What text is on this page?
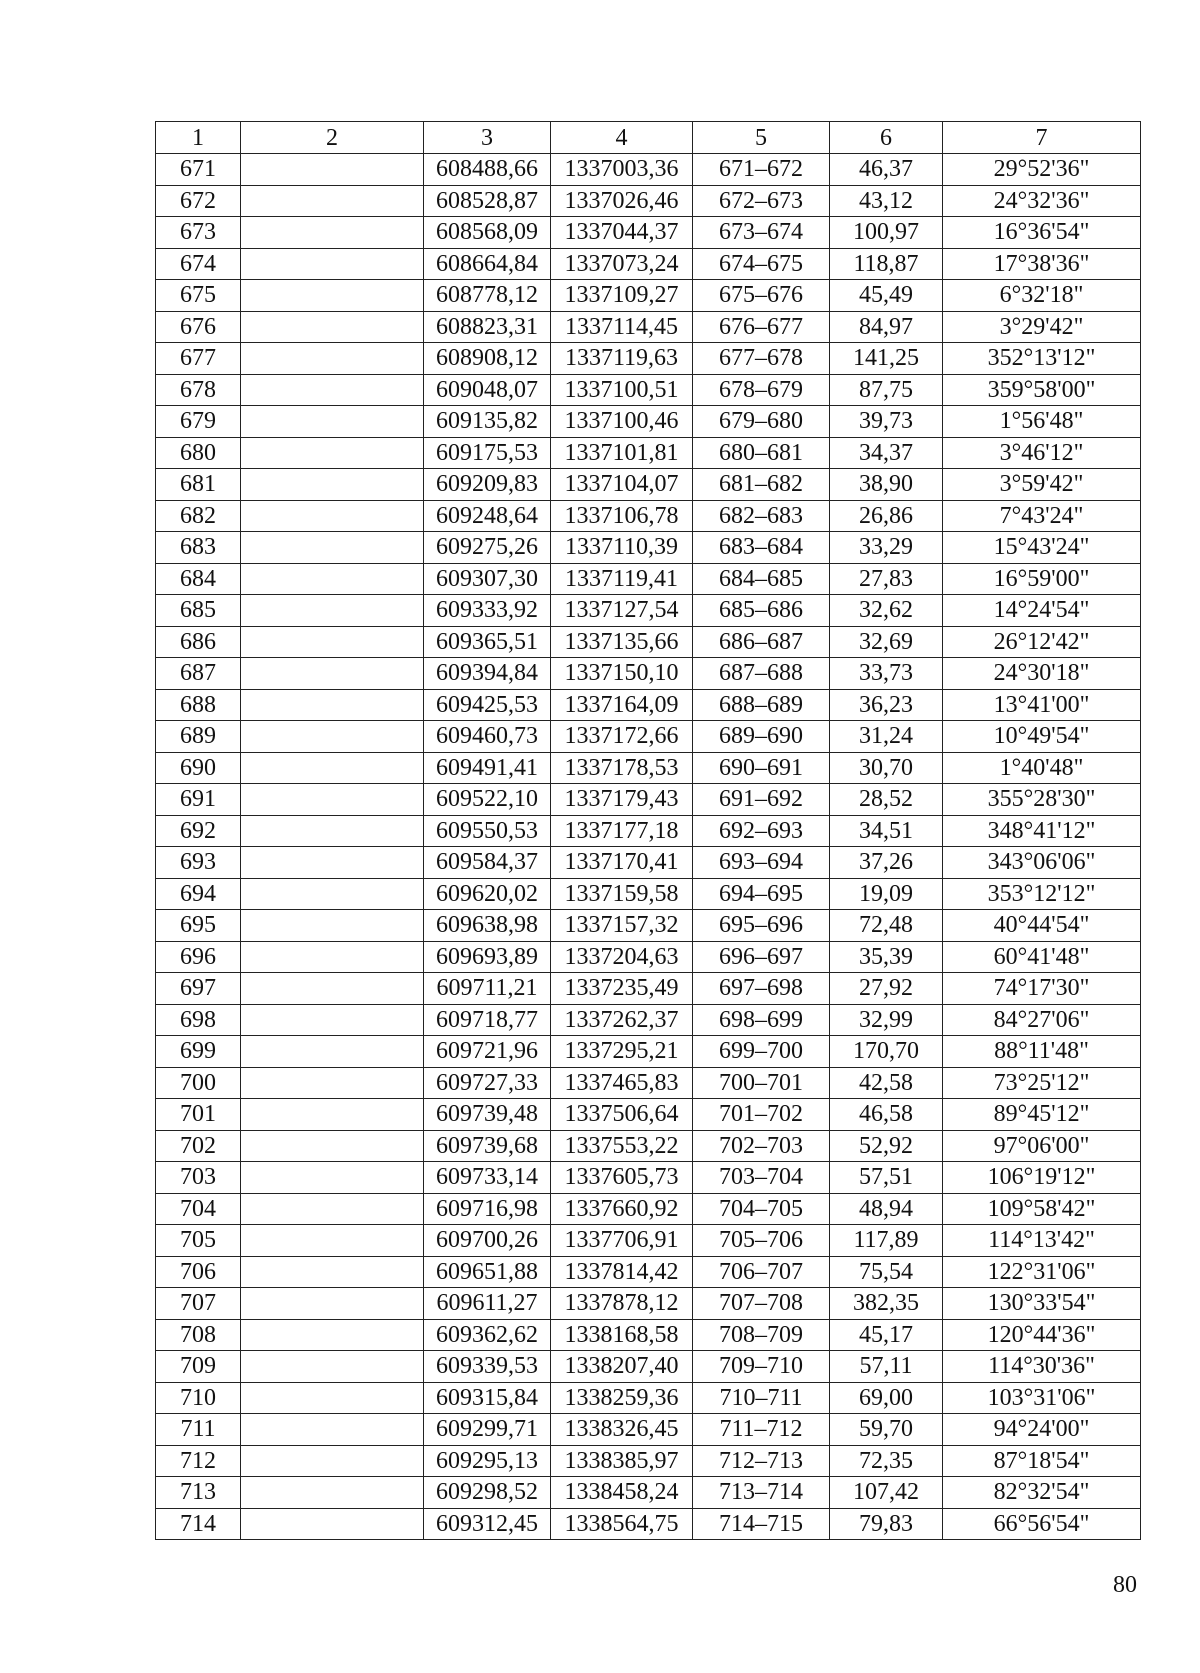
1	2	3	4	5	6	7
671		608488,66	1337003,36	671–672	46,37	29°52'36"
672		608528,87	1337026,46	672–673	43,12	24°32'36"
673		608568,09	1337044,37	673–674	100,97	16°36'54"
674		608664,84	1337073,24	674–675	118,87	17°38'36"
675		608778,12	1337109,27	675–676	45,49	6°32'18"
676		608823,31	1337114,45	676–677	84,97	3°29'42"
677		608908,12	1337119,63	677–678	141,25	352°13'12"
678		609048,07	1337100,51	678–679	87,75	359°58'00"
679		609135,82	1337100,46	679–680	39,73	1°56'48"
680		609175,53	1337101,81	680–681	34,37	3°46'12"
681		609209,83	1337104,07	681–682	38,90	3°59'42"
682		609248,64	1337106,78	682–683	26,86	7°43'24"
683		609275,26	1337110,39	683–684	33,29	15°43'24"
684		609307,30	1337119,41	684–685	27,83	16°59'00"
685		609333,92	1337127,54	685–686	32,62	14°24'54"
686		609365,51	1337135,66	686–687	32,69	26°12'42"
687		609394,84	1337150,10	687–688	33,73	24°30'18"
688		609425,53	1337164,09	688–689	36,23	13°41'00"
689		609460,73	1337172,66	689–690	31,24	10°49'54"
690		609491,41	1337178,53	690–691	30,70	1°40'48"
691		609522,10	1337179,43	691–692	28,52	355°28'30"
692		609550,53	1337177,18	692–693	34,51	348°41'12"
693		609584,37	1337170,41	693–694	37,26	343°06'06"
694		609620,02	1337159,58	694–695	19,09	353°12'12"
695		609638,98	1337157,32	695–696	72,48	40°44'54"
696		609693,89	1337204,63	696–697	35,39	60°41'48"
697		609711,21	1337235,49	697–698	27,92	74°17'30"
698		609718,77	1337262,37	698–699	32,99	84°27'06"
699		609721,96	1337295,21	699–700	170,70	88°11'48"
700		609727,33	1337465,83	700–701	42,58	73°25'12"
701		609739,48	1337506,64	701–702	46,58	89°45'12"
702		609739,68	1337553,22	702–703	52,92	97°06'00"
703		609733,14	1337605,73	703–704	57,51	106°19'12"
704		609716,98	1337660,92	704–705	48,94	109°58'42"
705		609700,26	1337706,91	705–706	117,89	114°13'42"
706		609651,88	1337814,42	706–707	75,54	122°31'06"
707		609611,27	1337878,12	707–708	382,35	130°33'54"
708		609362,62	1338168,58	708–709	45,17	120°44'36"
709		609339,53	1338207,40	709–710	57,11	114°30'36"
710		609315,84	1338259,36	710–711	69,00	103°31'06"
711		609299,71	1338326,45	711–712	59,70	94°24'00"
712		609295,13	1338385,97	712–713	72,35	87°18'54"
713		609298,52	1338458,24	713–714	107,42	82°32'54"
714		609312,45	1338564,75	714–715	79,83	66°56'54"
80
